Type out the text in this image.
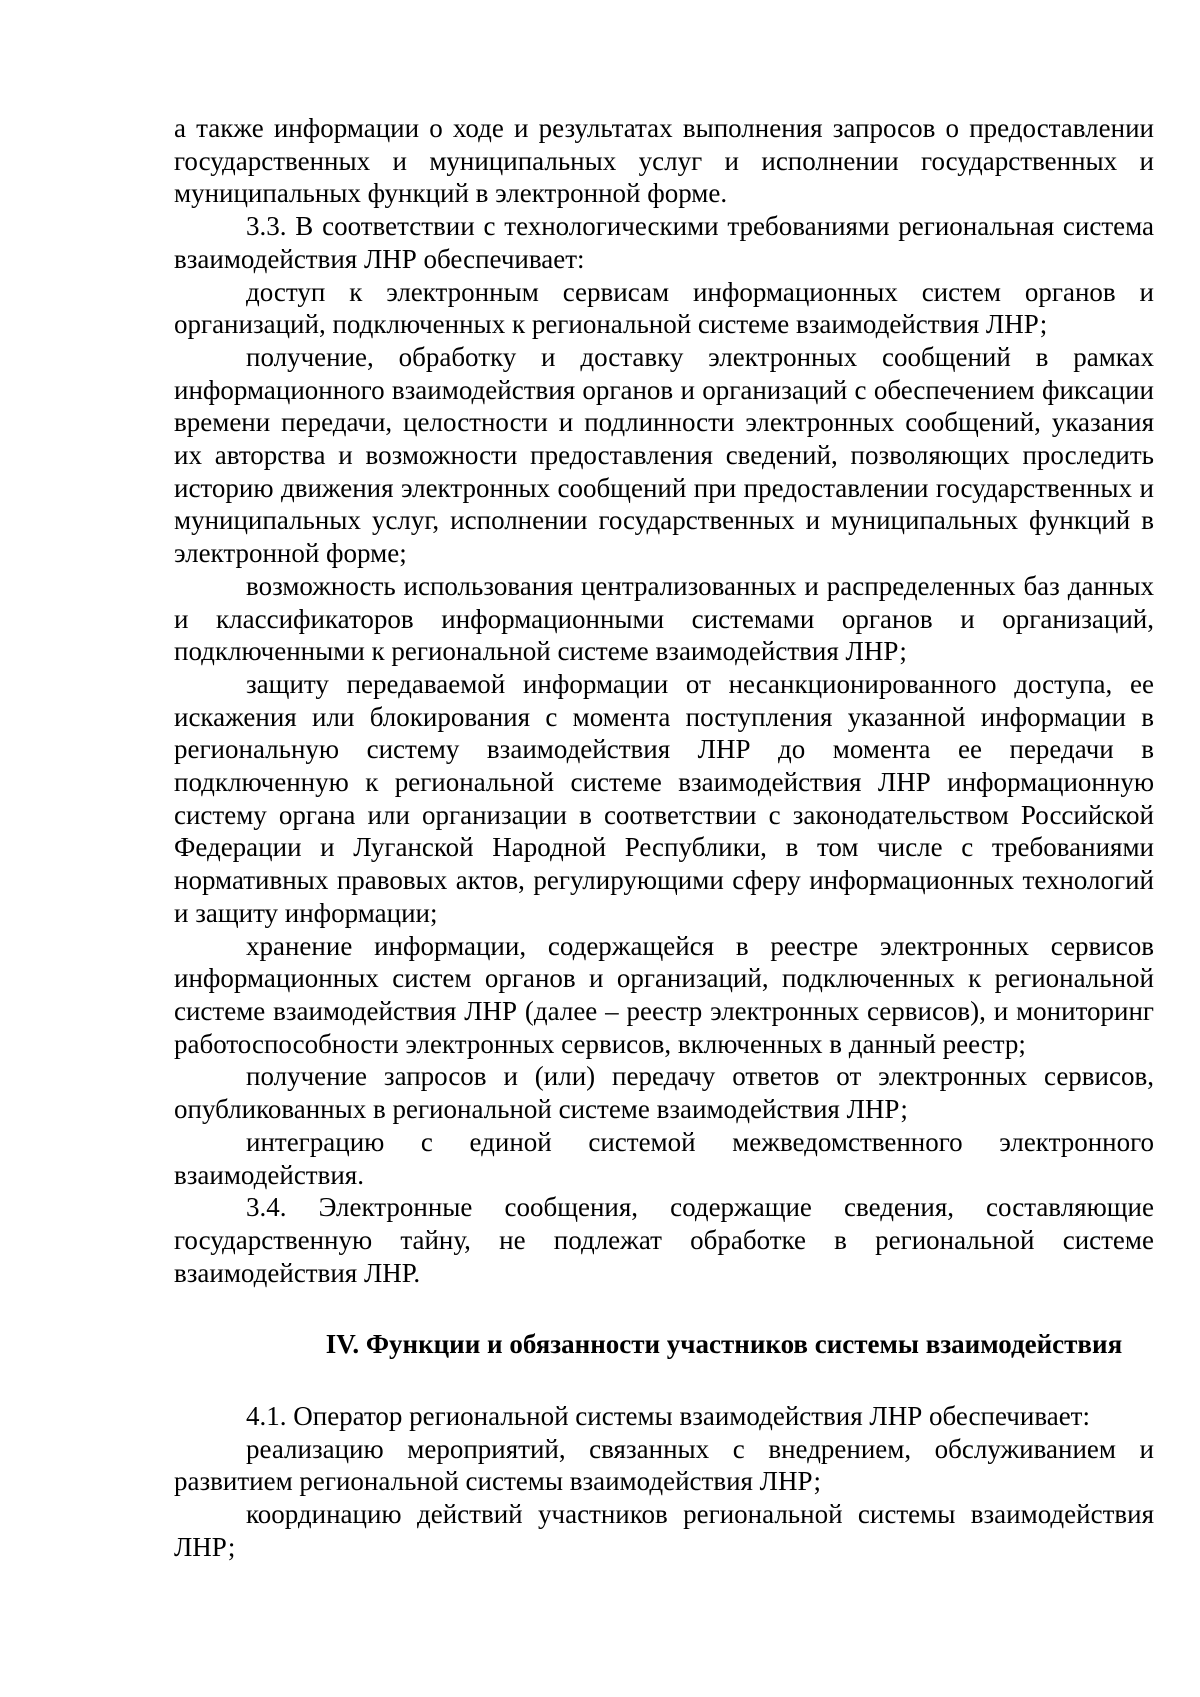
а также информации о ходе и результатах выполнения запросов о предоставлении государственных и муниципальных услуг и исполнении государственных и муниципальных функций в электронной форме.

3.3. В соответствии с технологическими требованиями региональная система взаимодействия ЛНР обеспечивает:

доступ к электронным сервисам информационных систем органов и организаций, подключенных к региональной системе взаимодействия ЛНР;

получение, обработку и доставку электронных сообщений в рамках информационного взаимодействия органов и организаций с обеспечением фиксации времени передачи, целостности и подлинности электронных сообщений, указания их авторства и возможности предоставления сведений, позволяющих проследить историю движения электронных сообщений при предоставлении государственных и муниципальных услуг, исполнении государственных и муниципальных функций в электронной форме;

возможность использования централизованных и распределенных баз данных и классификаторов информационными системами органов и организаций, подключенными к региональной системе взаимодействия ЛНР;

защиту передаваемой информации от несанкционированного доступа, ее искажения или блокирования с момента поступления указанной информации в региональную систему взаимодействия ЛНР до момента ее передачи в подключенную к региональной системе взаимодействия ЛНР информационную систему органа или организации в соответствии с законодательством Российской Федерации и Луганской Народной Республики, в том числе с требованиями нормативных правовых актов, регулирующими сферу информационных технологий и защиту информации;

хранение информации, содержащейся в реестре электронных сервисов информационных систем органов и организаций, подключенных к региональной системе взаимодействия ЛНР (далее – реестр электронных сервисов), и мониторинг работоспособности электронных сервисов, включенных в данный реестр;

получение запросов и (или) передачу ответов от электронных сервисов, опубликованных в региональной системе взаимодействия ЛНР;

интеграцию с единой системой межведомственного электронного взаимодействия.

3.4. Электронные сообщения, содержащие сведения, составляющие государственную тайну, не подлежат обработке в региональной системе взаимодействия ЛНР.

IV. Функции и обязанности участников системы взаимодействия

4.1. Оператор региональной системы взаимодействия ЛНР обеспечивает:

реализацию мероприятий, связанных с внедрением, обслуживанием и развитием региональной системы взаимодействия ЛНР;

координацию действий участников региональной системы взаимодействия ЛНР;
